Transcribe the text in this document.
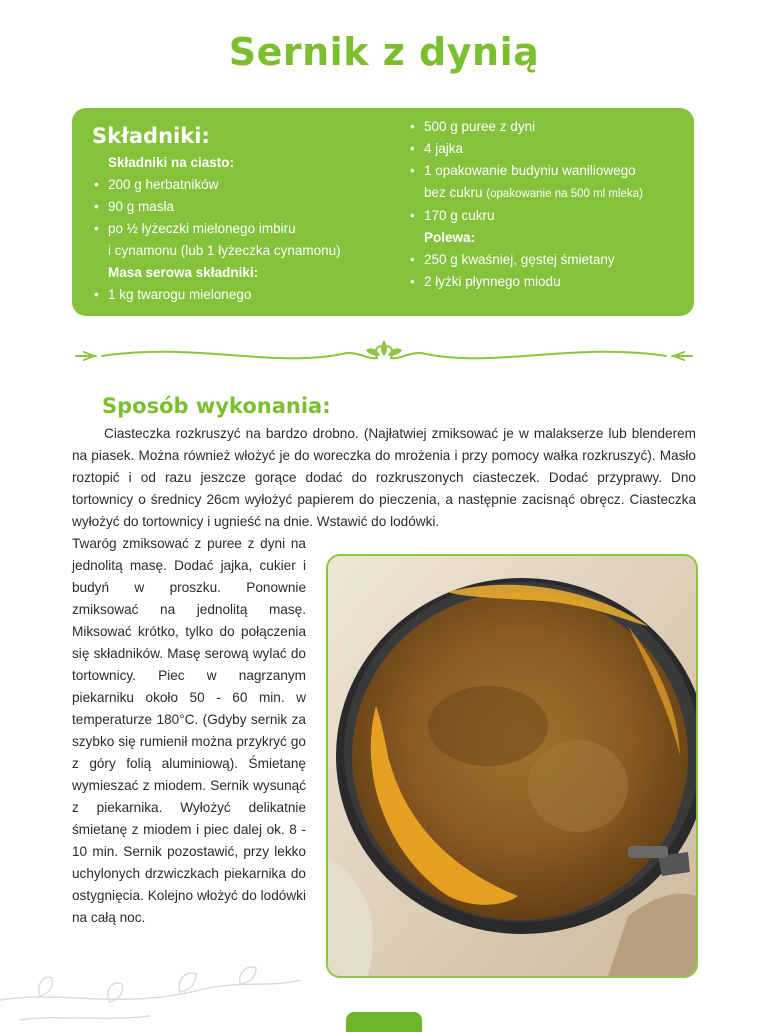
Sernik z dynią
Składniki:
Składniki na ciasto:
• 200 g herbatników
• 90 g masła
• po ½ łyżeczki mielonego imbiru
i cynamonu (lub 1 łyżeczka cynamonu)
Masa serowa składniki:
• 1 kg twarogu mielonego
• 500 g puree z dyni
• 4 jajka
• 1 opakowanie budyniu waniliowego
bez cukru (opakowanie na 500 ml mleka)
• 170 g cukru
Polewa:
• 250 g kwaśniej, gęstej śmietany
• 2 łyżki płynnego miodu
Sposób wykonania:

Ciasteczka rozkruszyć na bardzo drobno. (Najłatwiej zmiksować je w malakserze lub blenderem na piasek. Można również włożyć je do woreczka do mrożenia i przy pomocy wałka rozkruszyć). Masło roztopić i od razu jeszcze gorące dodać do rozkruszonych ciasteczek. Dodać przyprawy. Dno tortownicy o średnicy 26cm wyłożyć papierem do pieczenia, a następnie zacisnąć obręcz. Ciasteczka wyłożyć do tortownicy i ugnieść na dnie. Wstawić do lodówki.

Twaróg zmiksować z puree z dyni na jednolitą masę. Dodać jajka, cukier i budyń w proszku. Ponownie zmiksować na jednolitą masę. Miksować krótko, tylko do połączenia się składników. Masę serową wylać do tortownicy. Piec w nagrzanym piekarniku około 50 - 60 min. w temperaturze 180°C. (Gdyby sernik za szybko się rumienił można przykryć go z góry folią aluminiową). Śmietanę wymieszać z miodem. Sernik wysunąć z piekarnika. Wyłożyć delikatnie śmietanę z miodem i piec dalej ok. 8 - 10 min. Sernik pozostawić, przy lekko uchylonych drzwiczkach piekarnika do ostygnięcia. Kolejno włożyć do lodówki na całą noc.
